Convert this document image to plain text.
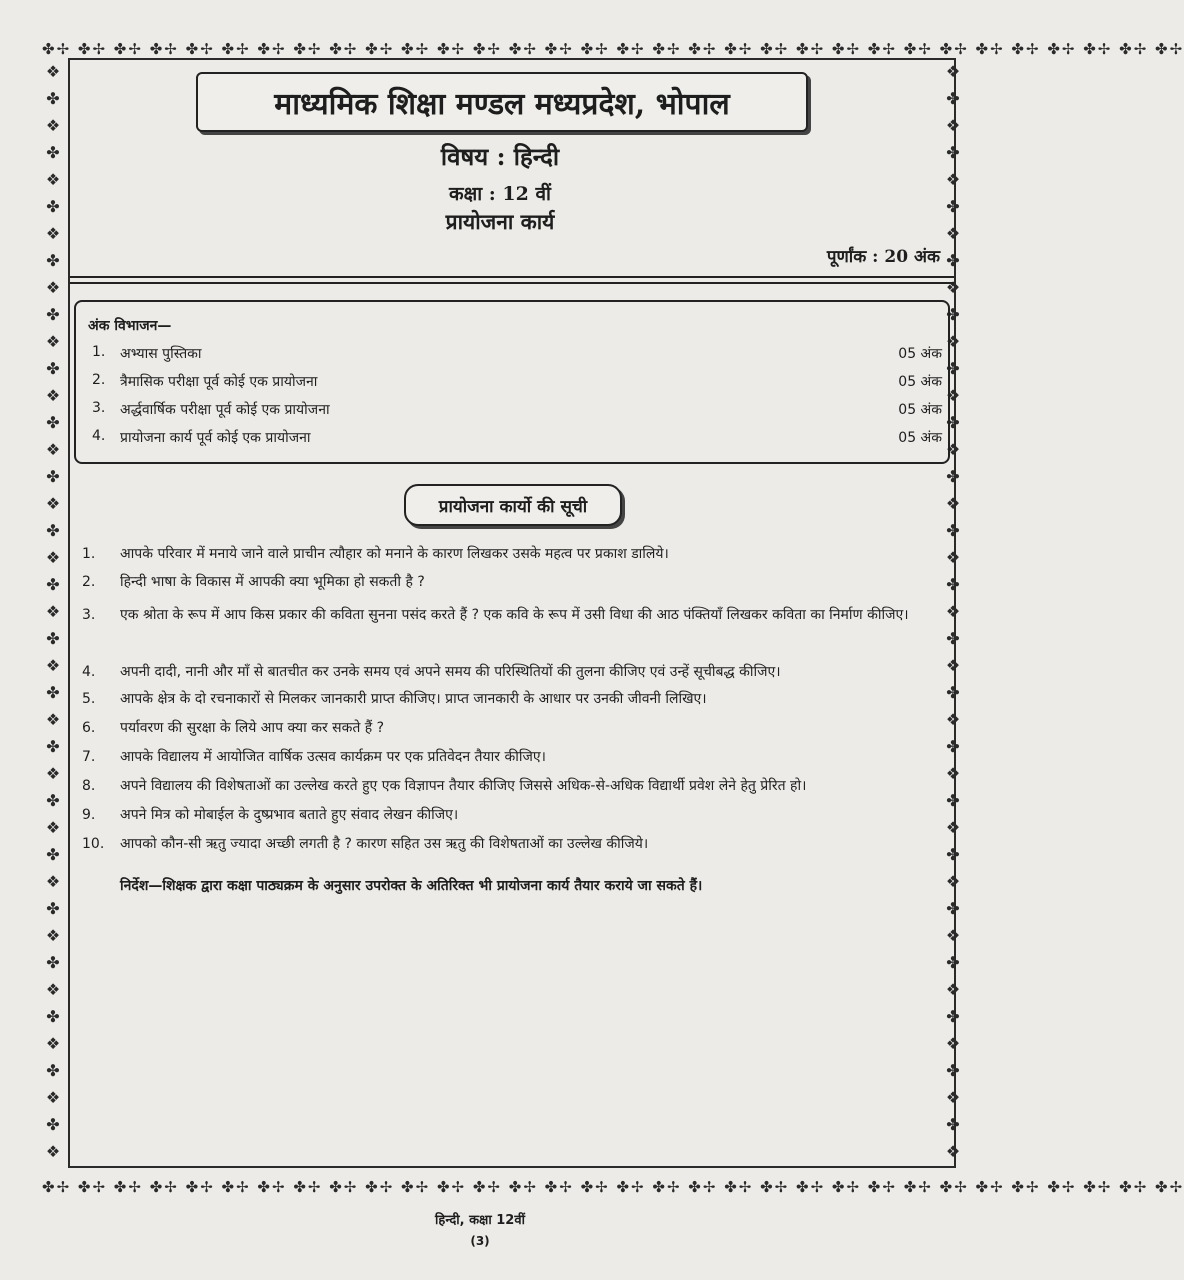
✤✢ ✤✢ ✤✢ ✤✢ ✤✢ ✤✢ ✤✢ ✤✢ ✤✢ ✤✢ ✤✢ ✤✢ ✤✢ ✤✢ ✤✢ ✤✢ ✤✢ ✤✢ ✤✢ ✤✢ ✤✢ ✤✢ ✤✢ ✤✢ ✤✢ ✤✢ ✤✢ ✤✢ ✤✢ ✤✢ ✤✢ ✤✢
✤✢ ✤✢ ✤✢ ✤✢ ✤✢ ✤✢ ✤✢ ✤✢ ✤✢ ✤✢ ✤✢ ✤✢ ✤✢ ✤✢ ✤✢ ✤✢ ✤✢ ✤✢ ✤✢ ✤✢ ✤✢ ✤✢ ✤✢ ✤✢ ✤✢ ✤✢ ✤✢ ✤✢ ✤✢ ✤✢ ✤✢ ✤✢
❖
✤
❖
✤
❖
✤
❖
✤
❖
✤
❖
✤
❖
✤
❖
✤
❖
✤
❖
✤
❖
✤
❖
✤
❖
✤
❖
✤
❖
✤
❖
✤
❖
✤
❖
✤
❖
✤
❖
✤
❖
❖
✤
❖
✤
❖
✤
❖
✤
❖
✤
❖
✤
❖
✤
❖
✤
❖
✤
❖
✤
❖
✤
❖
✤
❖
✤
❖
✤
❖
✤
❖
✤
❖
✤
❖
✤
❖
✤
❖
✤
❖
माध्यमिक शिक्षा मण्डल मध्यप्रदेश, भोपाल
विषय : हिन्दी
कक्षा : 12 वीं
प्रायोजना कार्य
पूर्णांक : 20 अंक
अंक विभाजन—
1.	अभ्यास पुस्तिका	05 अंक
2.	त्रैमासिक परीक्षा पूर्व कोई एक प्रायोजना	05 अंक
3.	अर्द्धवार्षिक परीक्षा पूर्व कोई एक प्रायोजना	05 अंक
4.	प्रायोजना कार्य पूर्व कोई एक प्रायोजना	05 अंक
प्रायोजना कार्यो की सूची
1.	आपके परिवार में मनाये जाने वाले प्राचीन त्यौहार को मनाने के कारण लिखकर उसके महत्व पर प्रकाश डालिये।
2.	हिन्दी भाषा के विकास में आपकी क्या भूमिका हो सकती है ?
3.	एक श्रोता के रूप में आप किस प्रकार की कविता सुनना पसंद करते हैं ? एक कवि के रूप में उसी विधा की आठ पंक्तियाँ लिखकर कविता का निर्माण कीजिए।
4.	अपनी दादी, नानी और माँ से बातचीत कर उनके समय एवं अपने समय की परिस्थितियों की तुलना कीजिए एवं उन्हें सूचीबद्ध कीजिए।
5.	आपके क्षेत्र के दो रचनाकारों से मिलकर जानकारी प्राप्त कीजिए। प्राप्त जानकारी के आधार पर उनकी जीवनी लिखिए।
6.	पर्यावरण की सुरक्षा के लिये आप क्या कर सकते हैं ?
7.	आपके विद्यालय में आयोजित वार्षिक उत्सव कार्यक्रम पर एक प्रतिवेदन तैयार कीजिए।
8.	अपने विद्यालय की विशेषताओं का उल्लेख करते हुए एक विज्ञापन तैयार कीजिए जिससे अधिक-से-अधिक विद्यार्थी प्रवेश लेने हेतु प्रेरित हो।
9.	अपने मित्र को मोबाईल के दुष्प्रभाव बताते हुए संवाद लेखन कीजिए।
10.	आपको कौन-सी ऋतु ज्यादा अच्छी लगती है ? कारण सहित उस ऋतु की विशेषताओं का उल्लेख कीजिये।
निर्देश—शिक्षक द्वारा कक्षा पाठ्यक्रम के अनुसार उपरोक्त के अतिरिक्त भी प्रायोजना कार्य तैयार कराये जा सकते हैं।
हिन्दी, कक्षा 12वीं
(3)
